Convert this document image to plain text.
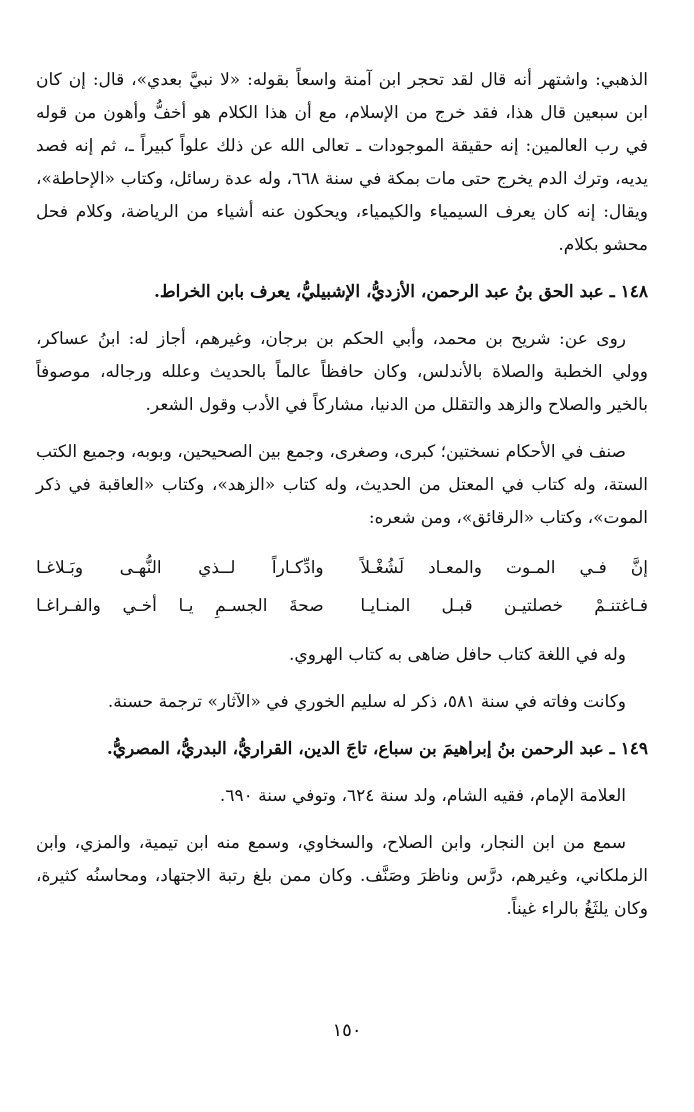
الذهبي: واشتهر أنه قال لقد تحجر ابن آمنة واسعاً بقوله: «لا نبيَّ بعدي»، قال: إن كان ابن سبعين قال هذا، فقد خرج من الإسلام، مع أن هذا الكلام هو أخفُّ وأهون من قوله في رب العالمين: إنه حقيقة الموجودات ـ تعالى الله عن ذلك علواً كبيراً ـ، ثم إنه فصد يديه، وترك الدم يخرج حتى مات بمكة في سنة ٦٦٨، وله عدة رسائل، وكتاب «الإحاطة»، ويقال: إنه كان يعرف السيمياء والكيمياء، ويحكون عنه أشياء من الرياضة، وكلام فحل محشو بكلام.

١٤٨ ـ عبد الحق بنُ عبد الرحمن، الأزديُّ، الإشبيليُّ، يعرف بابن الخراط.

روى عن: شريح بن محمد، وأبي الحكم بن برجان، وغيرهم، أجاز له: ابنُ عساكر، وولي الخطبة والصلاة بالأندلس، وكان حافظاً عالماً بالحديث وعلله ورجاله، موصوفاً بالخير والصلاح والزهد والتقلل من الدنيا، مشاركاً في الأدب وقول الشعر.

صنف في الأحكام نسختين؛ كبرى، وصغرى، وجمع بين الصحيحين، وبوبه، وجميع الكتب الستة، وله كتاب في المعتل من الحديث، وله كتاب «الزهد»، وكتاب «العاقبة في ذكر الموت»، وكتاب «الرقائق»، ومن شعره:

إنَّ فـي المـوت والمعـاد لَشُغْـلاً
وادِّكـاراً لــذي النُّهـى وبَـلاغـا
فـاغتنـمْ خصلتيـن قبـل المنـايـا
صحةَ الجسـمِ يـا أخـي والفـراغـا

وله في اللغة كتاب حافل ضاهى به كتاب الهروي.

وكانت وفاته في سنة ٥٨١، ذكر له سليم الخوري في «الآثار» ترجمة حسنة.

١٤٩ ـ عبد الرحمن بنُ إبراهيمَ بن سباع، تاجَ الدين، القراريُّ، البدريُّ، المصريُّ.

العلامة الإمام، فقيه الشام، ولد سنة ٦٢٤، وتوفي سنة ٦٩٠.

سمع من ابن النجار، وابن الصلاح، والسخاوي، وسمع منه ابن تيمية، والمزي، وابن الزملكاني، وغيرهم، درَّس وناظرَ وصَنَّف. وكان ممن بلغ رتبة الاجتهاد، ومحاسنُه كثيرة، وكان يلثَغُ بالراء غيناً.

١٥٠
